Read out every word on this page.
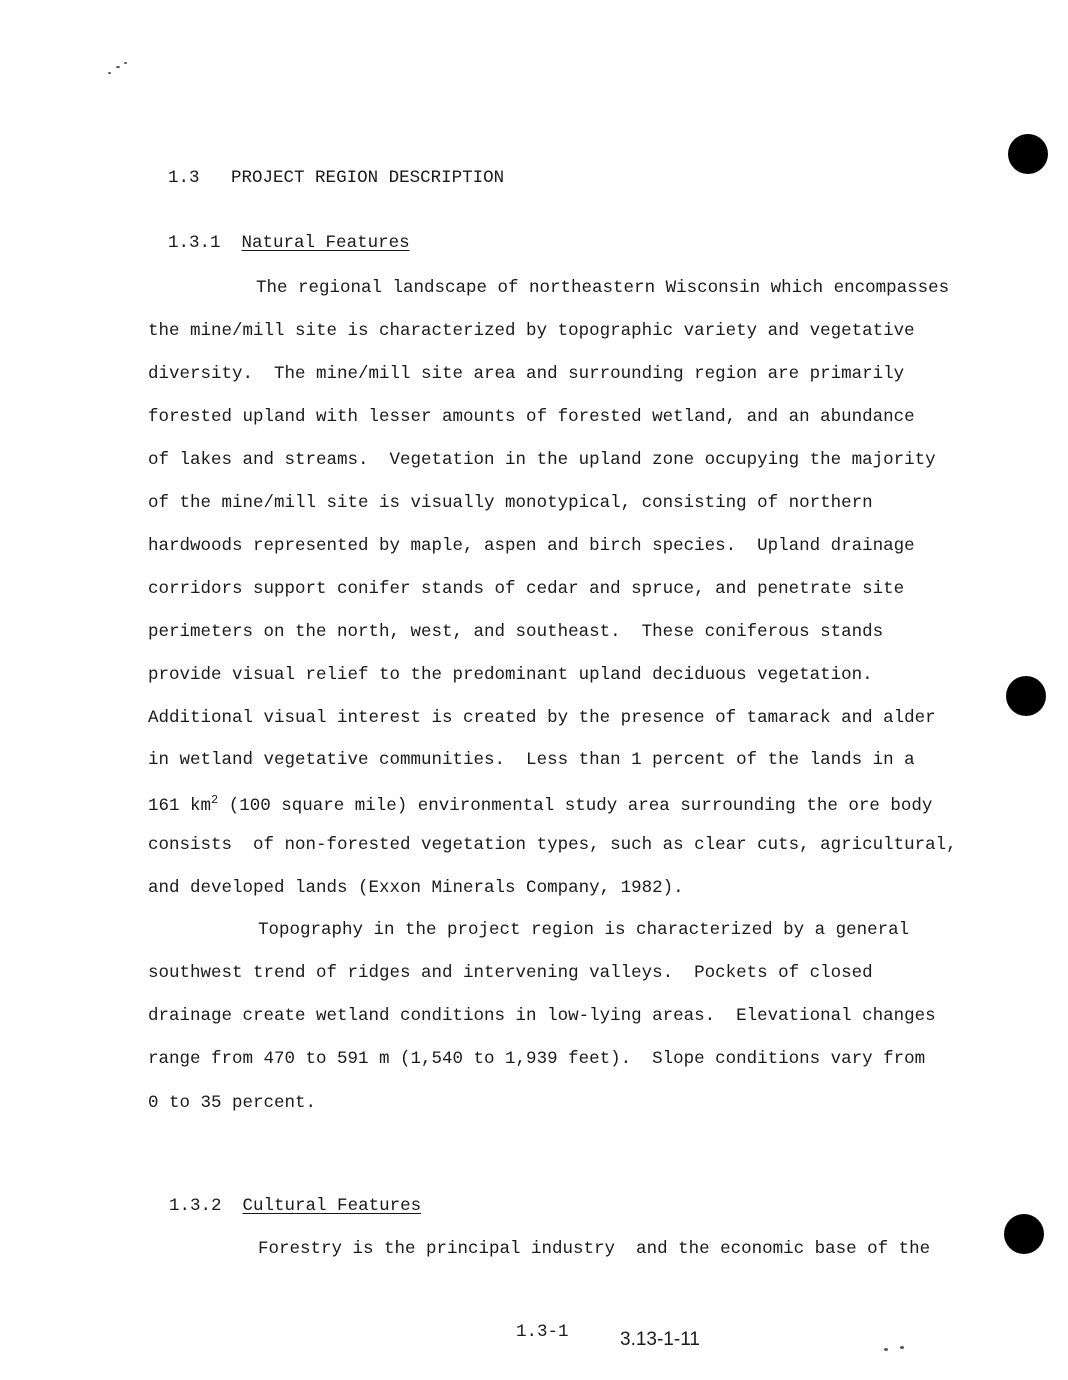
1.3 PROJECT REGION DESCRIPTION

1.3.1 Natural Features

The regional landscape of northeastern Wisconsin which encompasses
the mine/mill site is characterized by topographic variety and vegetative
diversity.  The mine/mill site area and surrounding region are primarily
forested upland with lesser amounts of forested wetland, and an abundance
of lakes and streams.  Vegetation in the upland zone occupying the majority
of the mine/mill site is visually monotypical, consisting of northern
hardwoods represented by maple, aspen and birch species.  Upland drainage
corridors support conifer stands of cedar and spruce, and penetrate site
perimeters on the north, west, and southeast.  These coniferous stands
provide visual relief to the predominant upland deciduous vegetation.
Additional visual interest is created by the presence of tamarack and alder
in wetland vegetative communities.  Less than 1 percent of the lands in a
161 $km^2$ (100 square mile) environmental study area surrounding the ore body
consists  of non-forested vegetation types, such as clear cuts, agricultural,
and developed lands (Exxon Minerals Company, 1982).
Topography in the project region is characterized by a general
southwest trend of ridges and intervening valleys.  Pockets of closed
drainage create wetland conditions in low-lying areas.  Elevational changes
range from 470 to 591 m (1,540 to 1,939 feet).  Slope conditions vary from
0 to 35 percent.

1.3.2 Cultural Features

Forestry is the principal industry  and the economic base of the
1.3-1	3.13-1-11
